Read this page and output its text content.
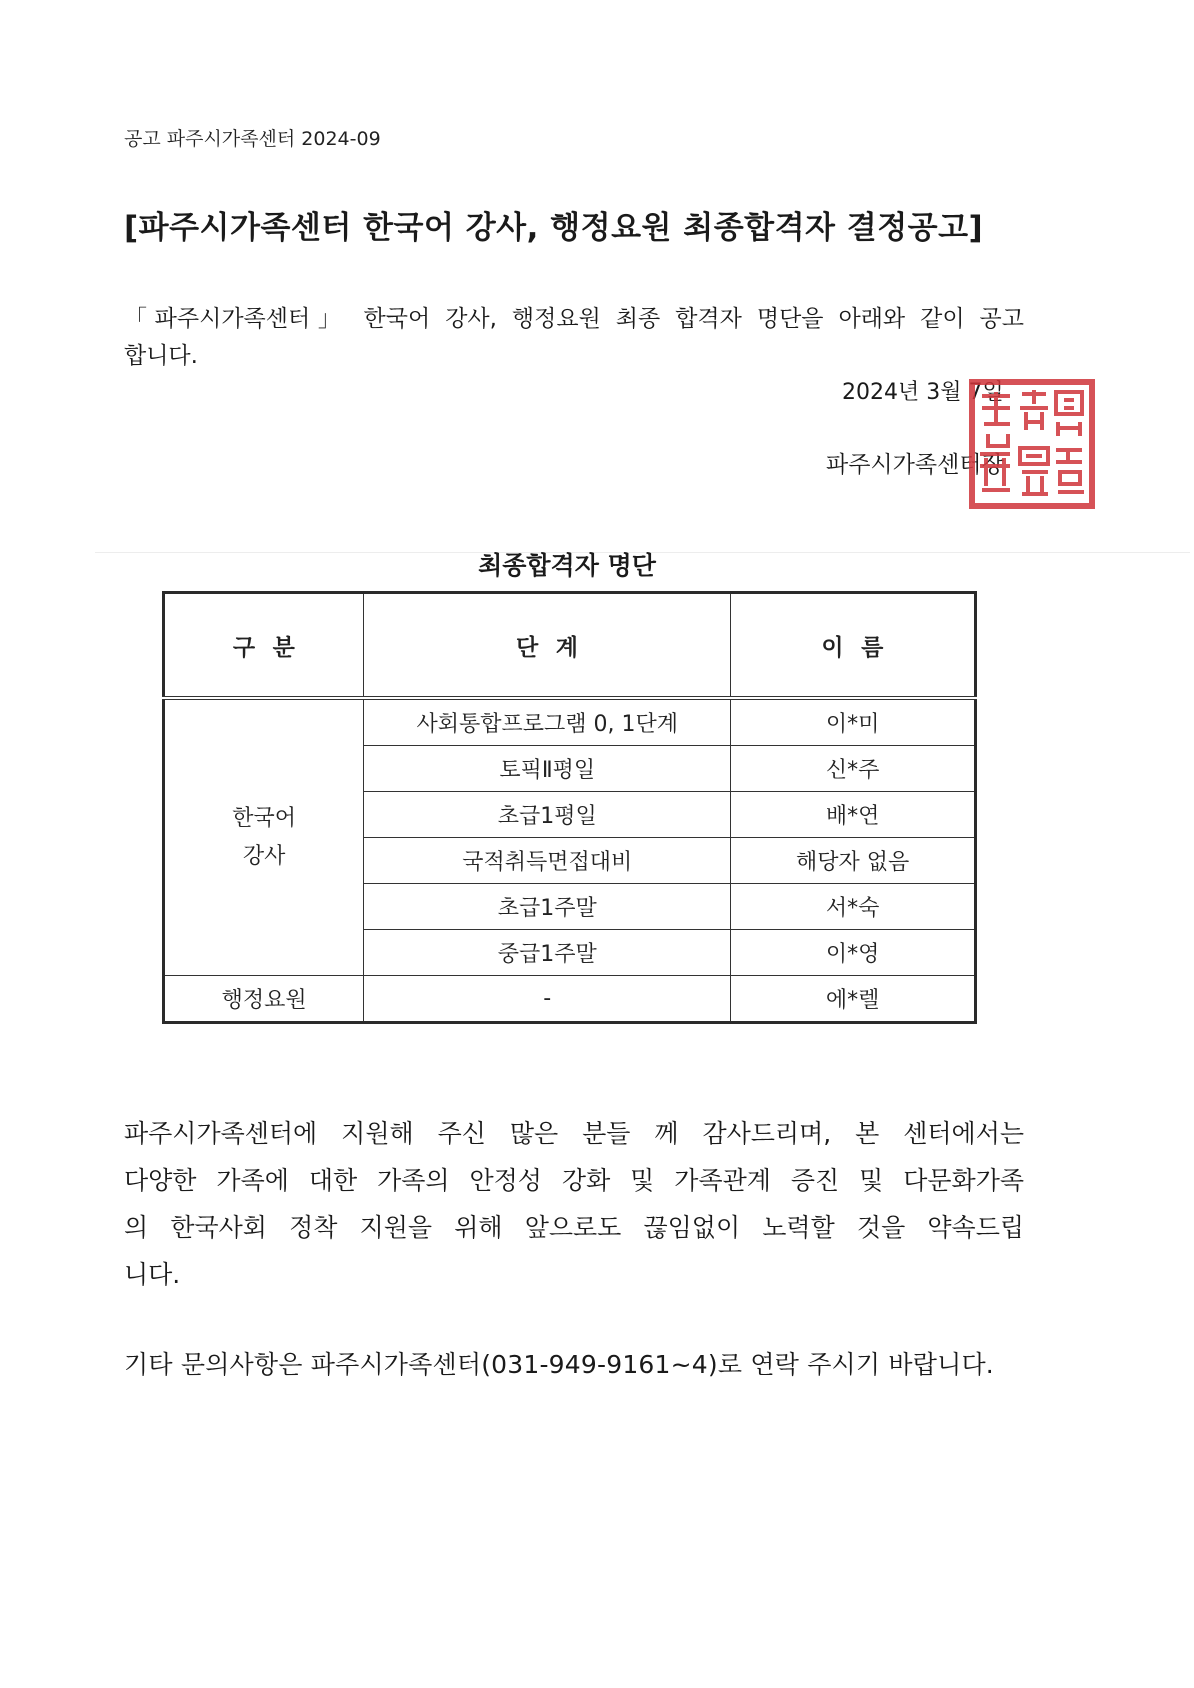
공고 파주시가족센터 2024-09
[파주시가족센터 한국어 강사, 행정요원 최종합격자 결정공고]
「파주시가족센터」 한국어 강사, 행정요원 최종 합격자 명단을 아래와 같이 공고
합니다.
2024년 3월 7일
파주시가족센터장
최종합격자 명단
구  분	단  계	이  름
한국어
강사	사회통합프로그램 0, 1단계	이*미
	토픽Ⅱ평일	신*주
	초급1평일	배*연
	국적취득면접대비	해당자 없음
	초급1주말	서*숙
	중급1주말	이*영
행정요원	-	에*렐
파주시가족센터에 지원해 주신 많은 분들 께 감사드리며, 본 센터에서는
다양한 가족에 대한 가족의 안정성 강화 및 가족관계 증진 및 다문화가족
의 한국사회 정착 지원을 위해 앞으로도 끊임없이 노력할 것을 약속드립
니다.
기타 문의사항은 파주시가족센터(031-949-9161~4)로 연락 주시기 바랍니다.
